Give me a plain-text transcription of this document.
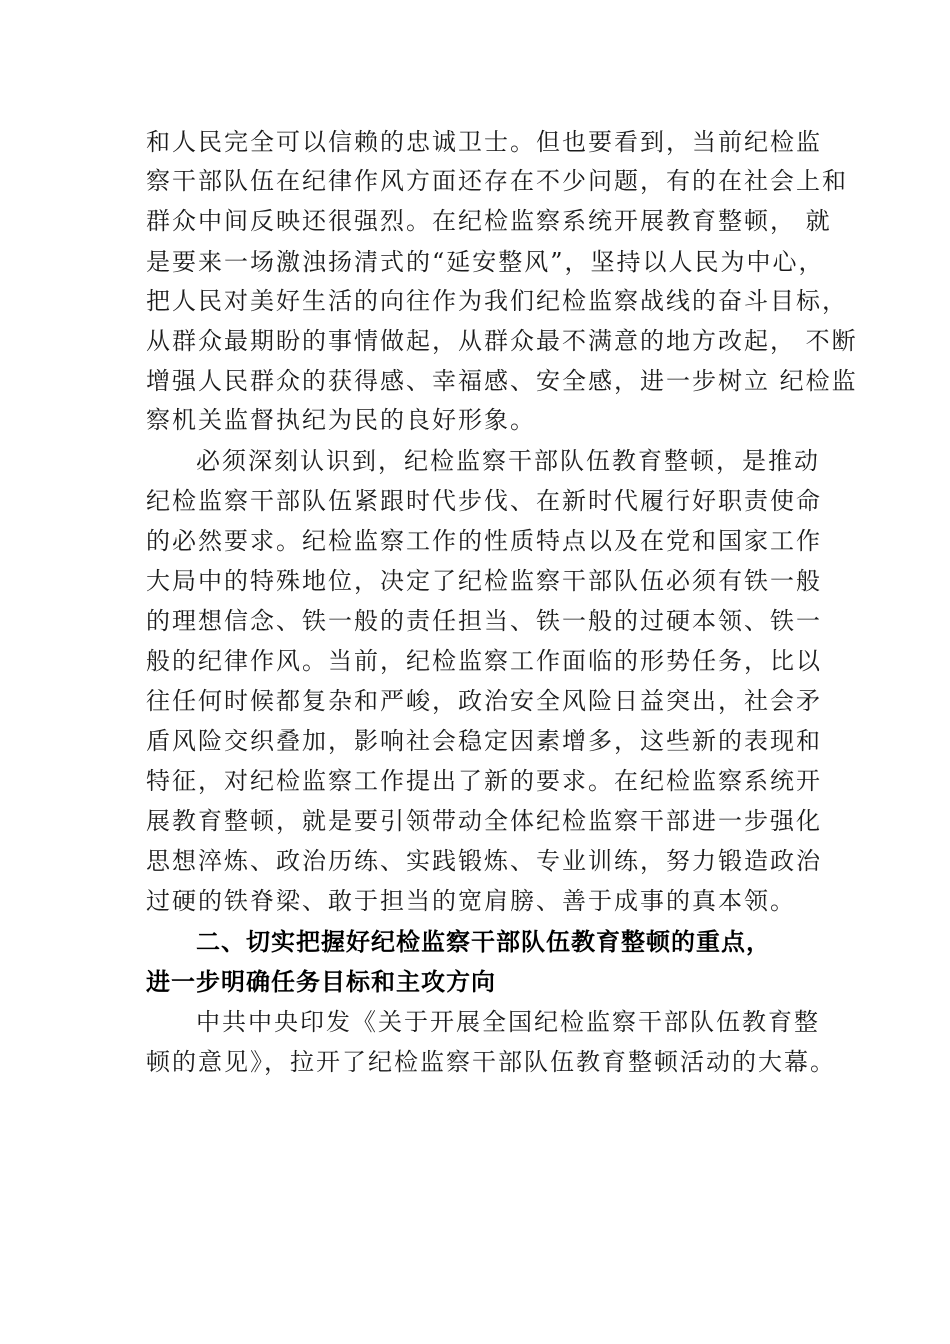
和人民完全可以信赖的忠诚卫士。但也要看到，当前纪检监
察干部队伍在纪律作风方面还存在不少问题，有的在社会上和
群众中间反映还很强烈。在纪检监察系统开展教育整顿， 就
是要来一场激浊扬清式的“延安整风”，坚持以人民为中心，
把人民对美好生活的向往作为我们纪检监察战线的奋斗目标，
从群众最期盼的事情做起，从群众最不满意的地方改起， 不断
增强人民群众的获得感、幸福感、安全感，进一步树立 纪检监
察机关监督执纪为民的良好形象。
必须深刻认识到，纪检监察干部队伍教育整顿，是推动
纪检监察干部队伍紧跟时代步伐、在新时代履行好职责使命
的必然要求。纪检监察工作的性质特点以及在党和国家工作
大局中的特殊地位，决定了纪检监察干部队伍必须有铁一般
的理想信念、铁一般的责任担当、铁一般的过硬本领、铁一
般的纪律作风。当前，纪检监察工作面临的形势任务，比以
往任何时候都复杂和严峻，政治安全风险日益突出，社会矛
盾风险交织叠加，影响社会稳定因素增多，这些新的表现和
特征，对纪检监察工作提出了新的要求。在纪检监察系统开
展教育整顿，就是要引领带动全体纪检监察干部进一步强化
思想淬炼、政治历练、实践锻炼、专业训练，努力锻造政治
过硬的铁脊梁、敢于担当的宽肩膀、善于成事的真本领。
二、切实把握好纪检监察干部队伍教育整顿的重点，
进一步明确任务目标和主攻方向
中共中央印发《关于开展全国纪检监察干部队伍教育整
顿的意见》，拉开了纪检监察干部队伍教育整顿活动的大幕。
